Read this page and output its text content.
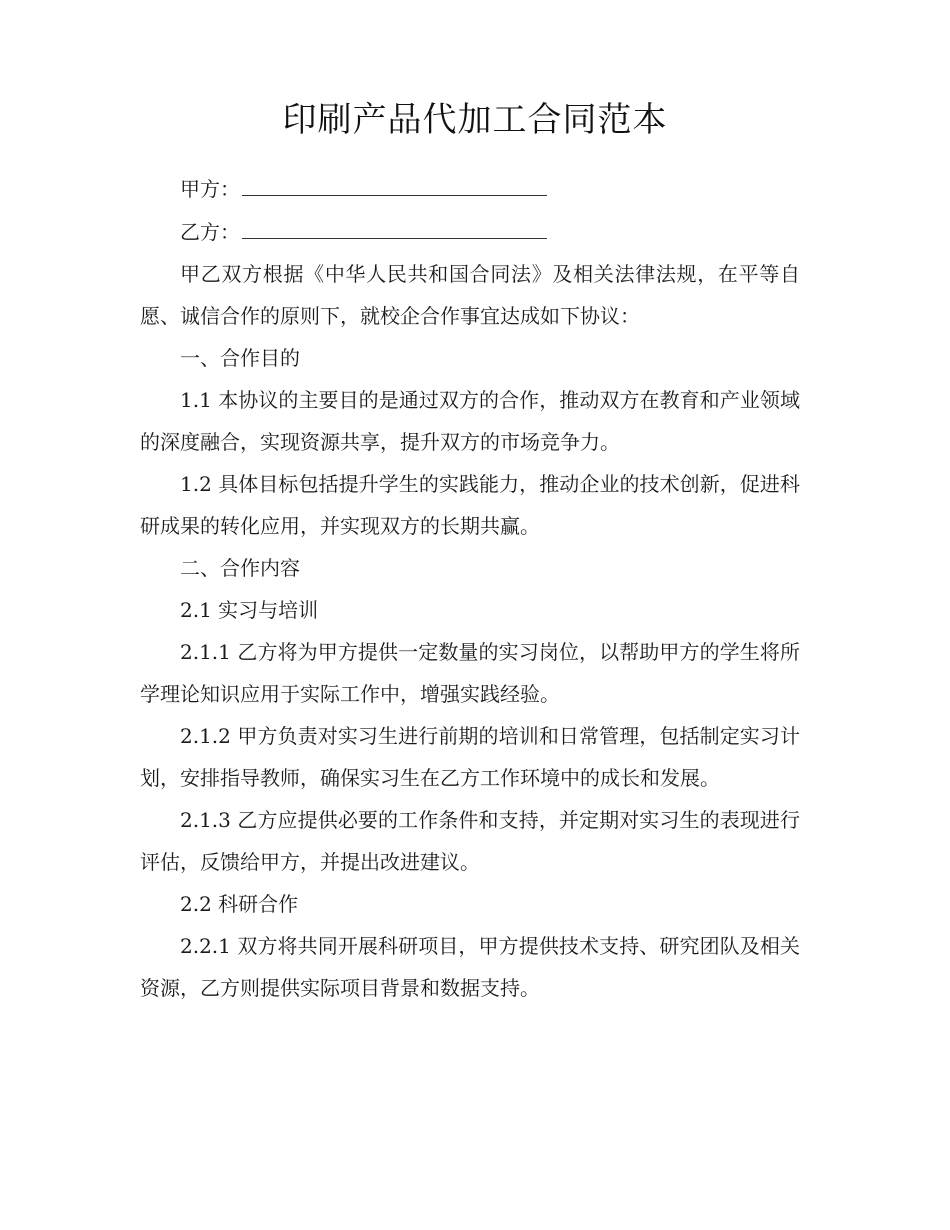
印刷产品代加工合同范本
甲方：
乙方：

甲乙双方根据《中华人民共和国合同法》及相关法律法规，在平等自愿、诚信合作的原则下，就校企合作事宜达成如下协议：

一、合作目的

1.1 本协议的主要目的是通过双方的合作，推动双方在教育和产业领域的深度融合，实现资源共享，提升双方的市场竞争力。

1.2 具体目标包括提升学生的实践能力，推动企业的技术创新，促进科研成果的转化应用，并实现双方的长期共赢。

二、合作内容

2.1 实习与培训

2.1.1 乙方将为甲方提供一定数量的实习岗位，以帮助甲方的学生将所学理论知识应用于实际工作中，增强实践经验。

2.1.2 甲方负责对实习生进行前期的培训和日常管理，包括制定实习计划，安排指导教师，确保实习生在乙方工作环境中的成长和发展。

2.1.3 乙方应提供必要的工作条件和支持，并定期对实习生的表现进行评估，反馈给甲方，并提出改进建议。

2.2 科研合作

2.2.1 双方将共同开展科研项目，甲方提供技术支持、研究团队及相关资源，乙方则提供实际项目背景和数据支持。
